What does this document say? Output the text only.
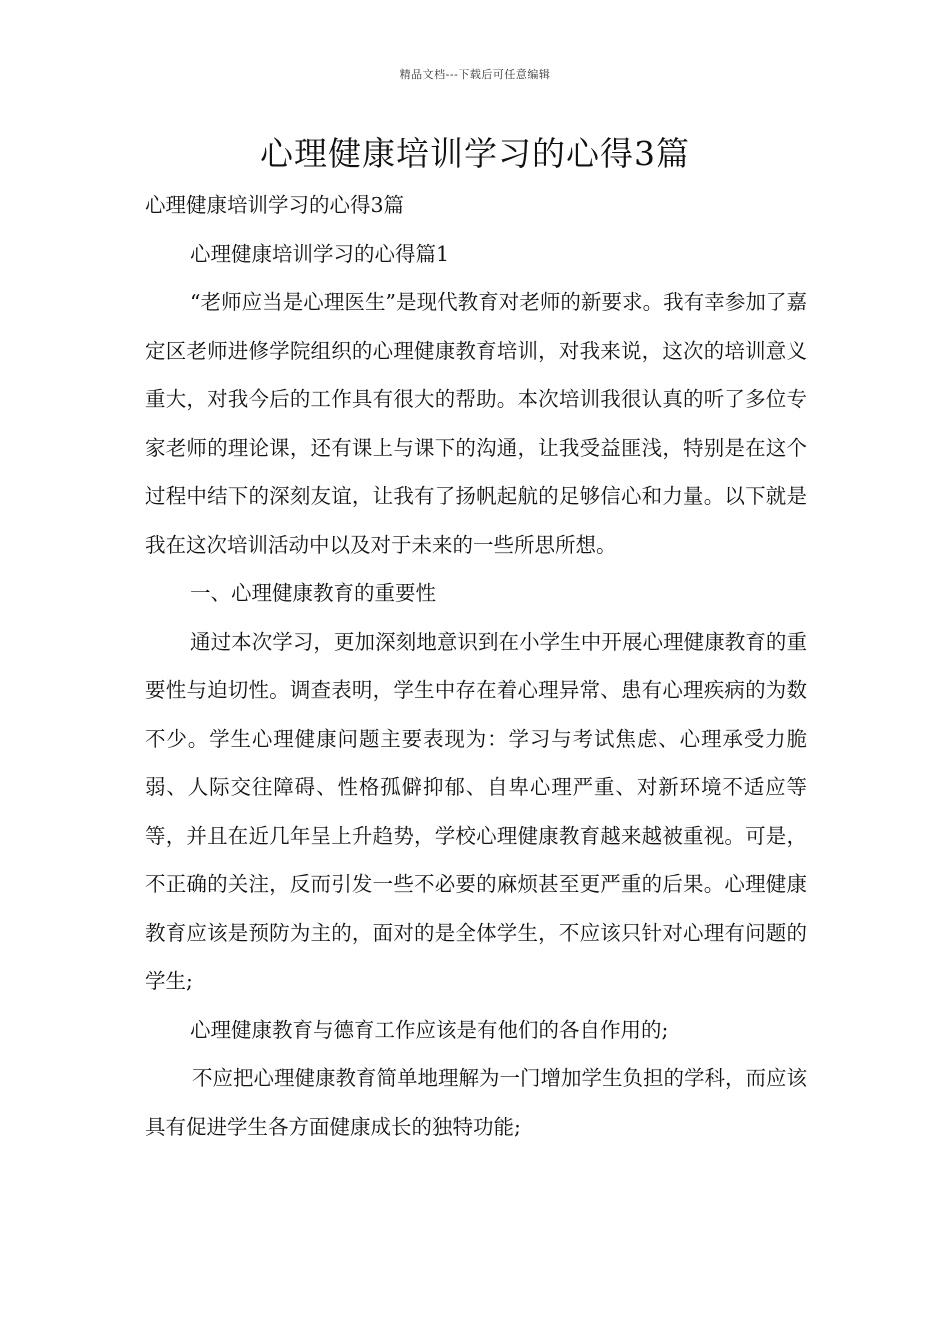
精品文档---下载后可任意编辑
心理健康培训学习的心得3篇

心理健康培训学习的心得3篇

心理健康培训学习的心得篇1

“老师应当是心理医生”是现代教育对老师的新要求。我有幸参加了嘉定区老师进修学院组织的心理健康教育培训，对我来说，这次的培训意义重大，对我今后的工作具有很大的帮助。本次培训我很认真的听了多位专家老师的理论课，还有课上与课下的沟通，让我受益匪浅，特别是在这个过程中结下的深刻友谊，让我有了扬帆起航的足够信心和力量。以下就是我在这次培训活动中以及对于未来的一些所思所想。

一、心理健康教育的重要性

通过本次学习，更加深刻地意识到在小学生中开展心理健康教育的重要性与迫切性。调查表明，学生中存在着心理异常、患有心理疾病的为数不少。学生心理健康问题主要表现为：学习与考试焦虑、心理承受力脆弱、人际交往障碍、性格孤僻抑郁、自卑心理严重、对新环境不适应等等，并且在近几年呈上升趋势，学校心理健康教育越来越被重视。可是，不正确的关注，反而引发一些不必要的麻烦甚至更严重的后果。心理健康教育应该是预防为主的，面对的是全体学生，不应该只针对心理有问题的学生;

心理健康教育与德育工作应该是有他们的各自作用的;

不应把心理健康教育简单地理解为一门增加学生负担的学科，而应该具有促进学生各方面健康成长的独特功能;
